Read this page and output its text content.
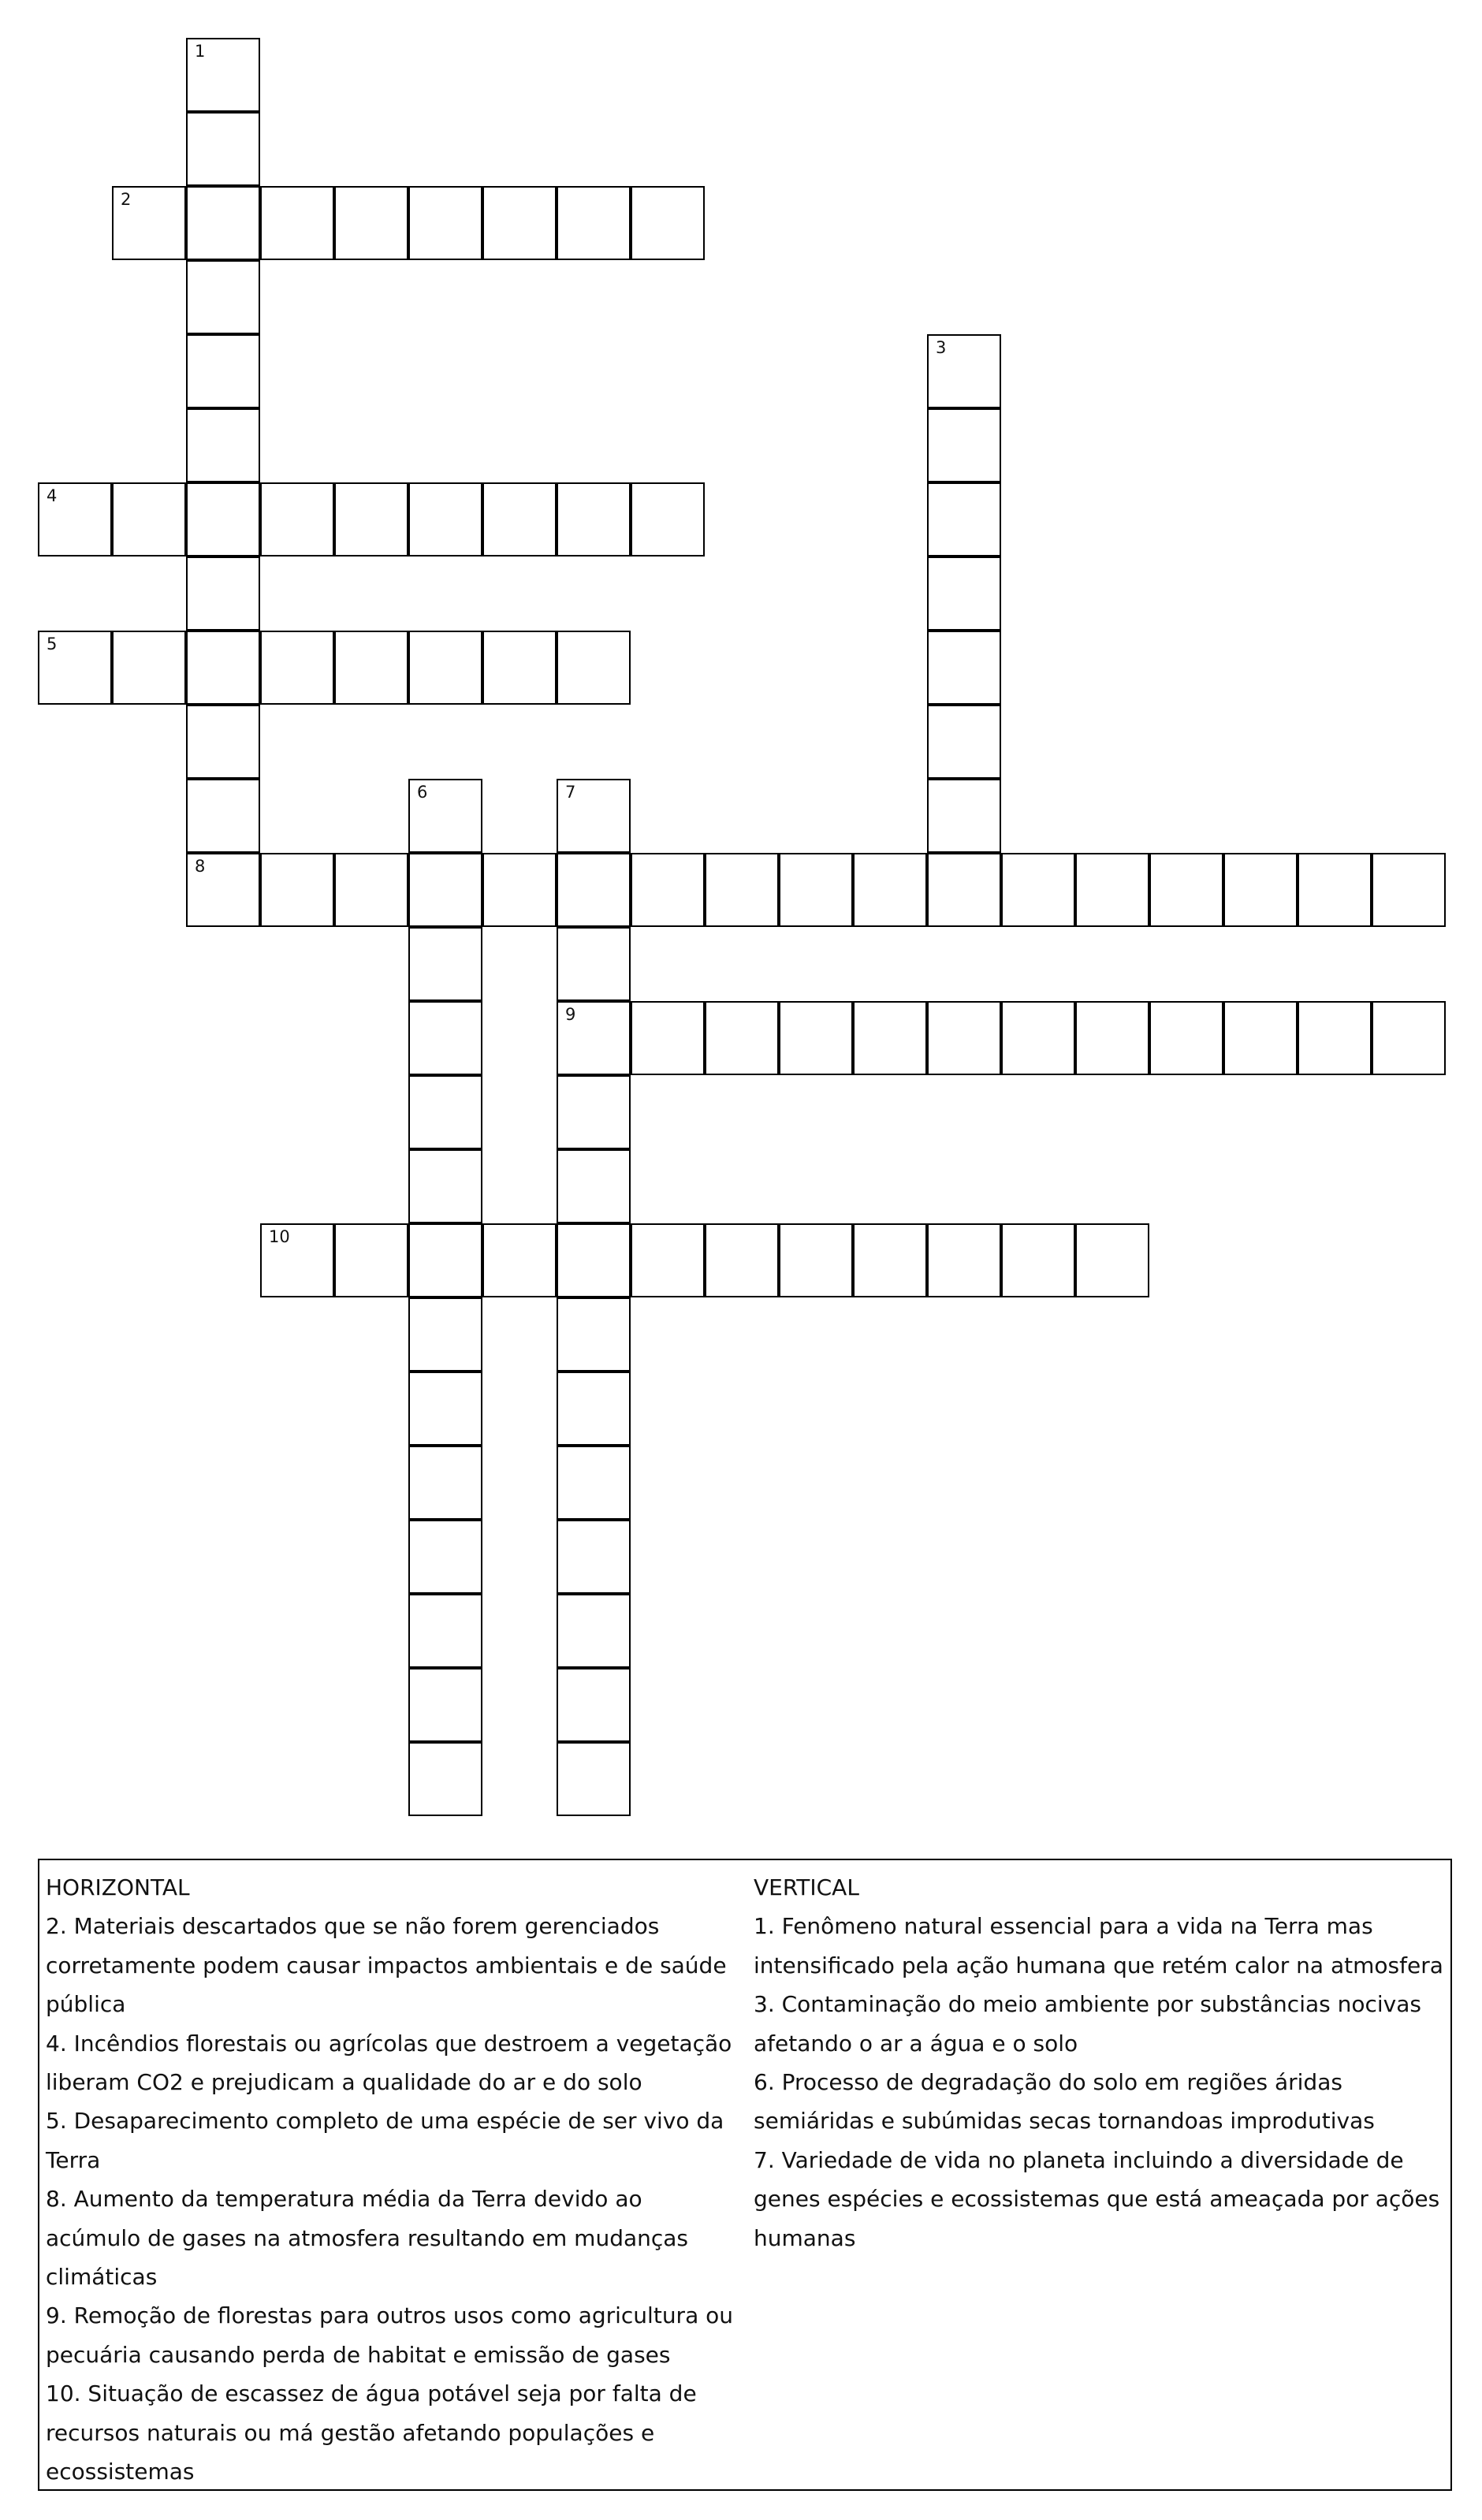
1
2
3
4
5
6	7
9
8
10

HORIZONTAL

2. Materiais descartados que se não forem gerenciados corretamente podem causar impactos ambientais e de saúde pública

4. Incêndios florestais ou agrícolas que destroem a vegetação liberam CO2 e prejudicam a qualidade do ar e do solo

5. Desaparecimento completo de uma espécie de ser vivo da Terra

8. Aumento da temperatura média da Terra devido ao acúmulo de gases na atmosfera resultando em mudanças climáticas

9. Remoção de florestas para outros usos como agricultura ou pecuária causando perda de habitat e emissão de gases

10. Situação de escassez de água potável seja por falta de recursos naturais ou má gestão afetando populações e ecossistemas

VERTICAL

1. Fenômeno natural essencial para a vida na Terra mas intensificado pela ação humana que retém calor na atmosfera

3. Contaminação do meio ambiente por substâncias nocivas afetando o ar a água e o solo

6. Processo de degradação do solo em regiões áridas semiáridas e subúmidas secas tornandoas improdutivas

7. Variedade de vida no planeta incluindo a diversidade de genes espécies e ecossistemas que está ameaçada por ações humanas
